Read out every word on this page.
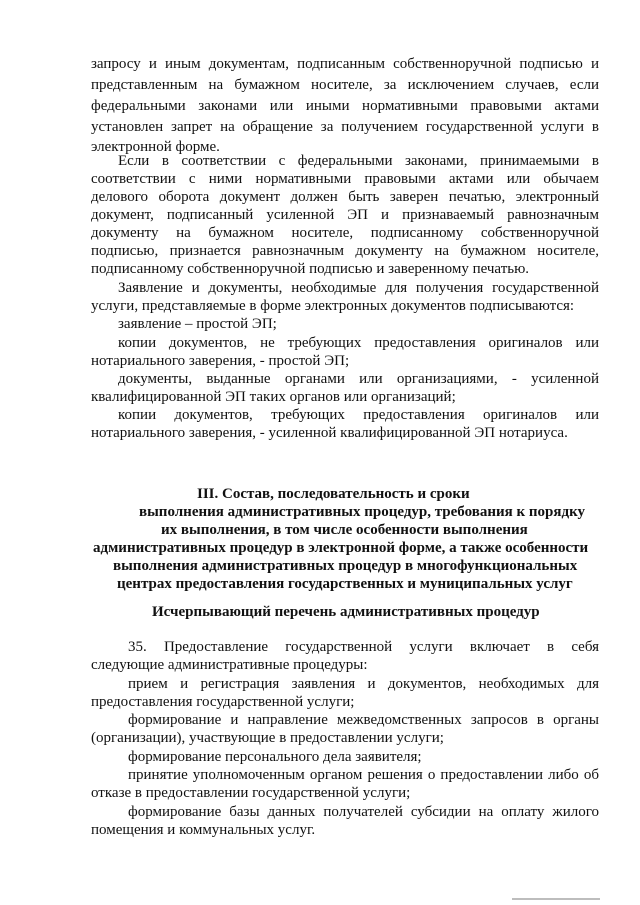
запросу и иным документам, подписанным собственноручной подписью и

представленным на бумажном носителе, за исключением случаев, если

федеральными законами или иными нормативными правовыми актами

установлен запрет на обращение за получением государственной услуги в

электронной форме.

Если в соответствии с федеральными законами, принимаемыми в

соответствии с ними нормативными правовыми актами или обычаем

делового оборота документ должен быть заверен печатью, электронный

документ, подписанный усиленной ЭП и признаваемый равнозначным

документу на бумажном носителе, подписанному собственноручной

подписью, признается равнозначным документу на бумажном носителе,

подписанному собственноручной подписью и заверенному печатью.

Заявление и документы, необходимые для получения государственной

услуги, представляемые в форме электронных документов подписываются:

заявление – простой ЭП;

копии документов, не требующих предоставления оригиналов или

нотариального заверения, - простой ЭП;

документы, выданные органами или организациями, - усиленной

квалифицированной ЭП таких органов или организаций;

копии документов, требующих предоставления оригиналов или

нотариального заверения, - усиленной квалифицированной ЭП нотариуса.

III. Состав, последовательность и сроки

выполнения административных процедур, требования к порядку

их выполнения, в том числе особенности выполнения

административных процедур в электронной форме, а также особенности

выполнения административных процедур в многофункциональных

центрах предоставления государственных и муниципальных услуг

Исчерпывающий перечень административных процедур

35. Предоставление государственной услуги включает в себя

следующие административные процедуры:

прием и регистрация заявления и документов, необходимых для

предоставления государственной услуги;

формирование и направление межведомственных запросов в органы

(организации), участвующие в предоставлении услуги;

формирование персонального дела заявителя;

принятие уполномоченным органом решения о предоставлении либо об

отказе в предоставлении государственной услуги;

формирование базы данных получателей субсидии на оплату жилого

помещения и коммунальных услуг.
